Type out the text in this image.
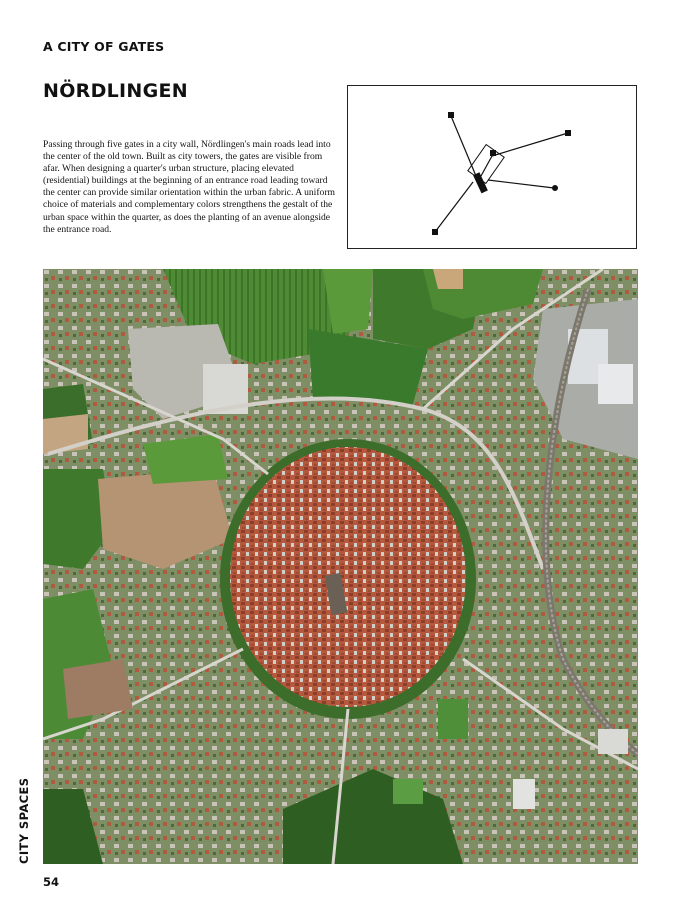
A CITY OF GATES
NÖRDLINGEN

Passing through five gates in a city wall, Nördlingen's main roads lead into the center of the old town. Built as city towers, the gates are visible from afar. When designing a quarter's urban structure, placing elevated (residential) buildings at the beginning of an entrance road leading toward the center can provide similar orientation within the urban fabric. A uniform choice of materials and complementary colors strengthens the gestalt of the urban space within the quarter, as does the planting of an avenue alongside the entrance road.

CITY SPACES
54
